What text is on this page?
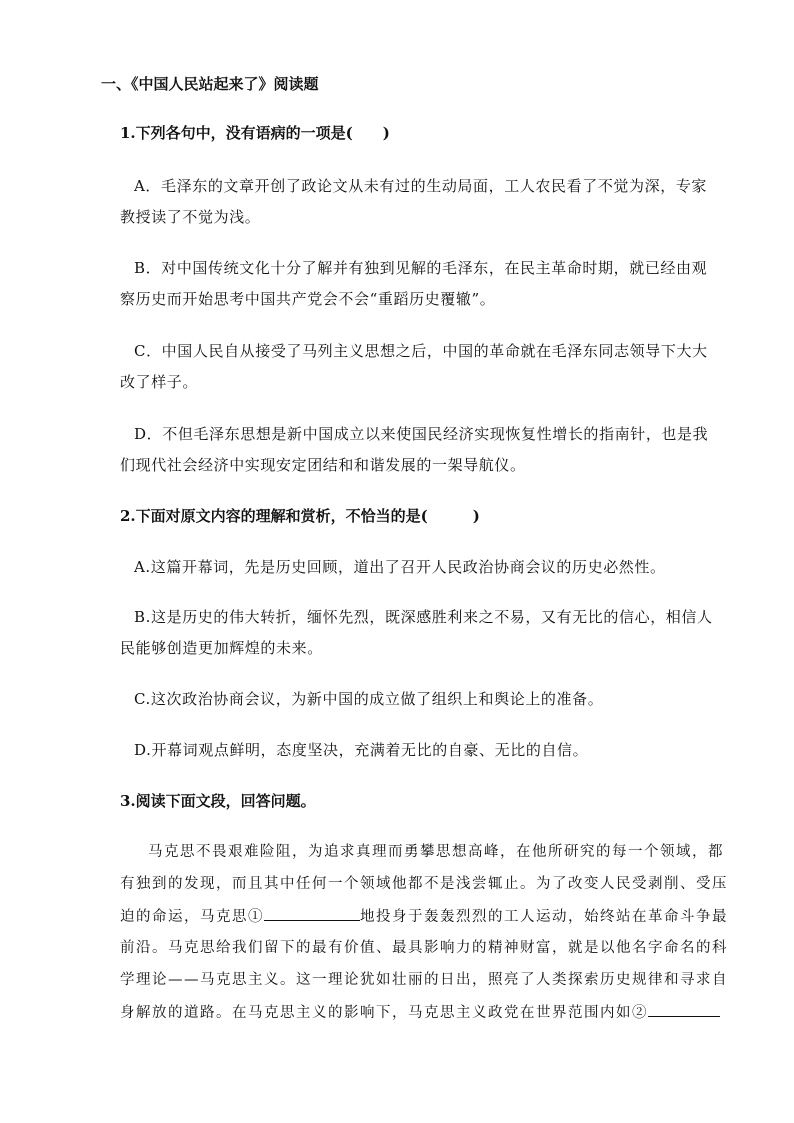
一、《中国人民站起来了》阅读题
1.下列各句中，没有语病的一项是(　　)
A．毛泽东的文章开创了政论文从未有过的生动局面，工人农民看了不觉为深，专家
教授读了不觉为浅。
B．对中国传统文化十分了解并有独到见解的毛泽东，在民主革命时期，就已经由观
察历史而开始思考中国共产党会不会“重蹈历史覆辙”。
C．中国人民自从接受了马列主义思想之后，中国的革命就在毛泽东同志领导下大大
改了样子。
D．不但毛泽东思想是新中国成立以来使国民经济实现恢复性增长的指南针，也是我
们现代社会经济中实现安定团结和和谐发展的一架导航仪。
2.下面对原文内容的理解和赏析，不恰当的是(　　　)
A.这篇开幕词，先是历史回顾，道出了召开人民政治协商会议的历史必然性。
B.这是历史的伟大转折，缅怀先烈，既深感胜利来之不易，又有无比的信心，相信人
民能够创造更加辉煌的未来。
C.这次政治协商会议，为新中国的成立做了组织上和舆论上的准备。
D.开幕词观点鲜明，态度坚决，充满着无比的自豪、无比的自信。
3.阅读下面文段，回答问题。
马克思不畏艰难险阻，为追求真理而勇攀思想高峰，在他所研究的每一个领域，都
有独到的发现，而且其中任何一个领域他都不是浅尝辄止。为了改变人民受剥削、受压
迫的命运，马克思①	地投身于轰轰烈烈的工人运动，始终站在革命斗争最
前沿。马克思给我们留下的最有价值、最具影响力的精神财富，就是以他名字命名的科
学理论——马克思主义。这一理论犹如壮丽的日出，照亮了人类探索历史规律和寻求自
身解放的道路。在马克思主义的影响下，马克思主义政党在世界范围内如②
